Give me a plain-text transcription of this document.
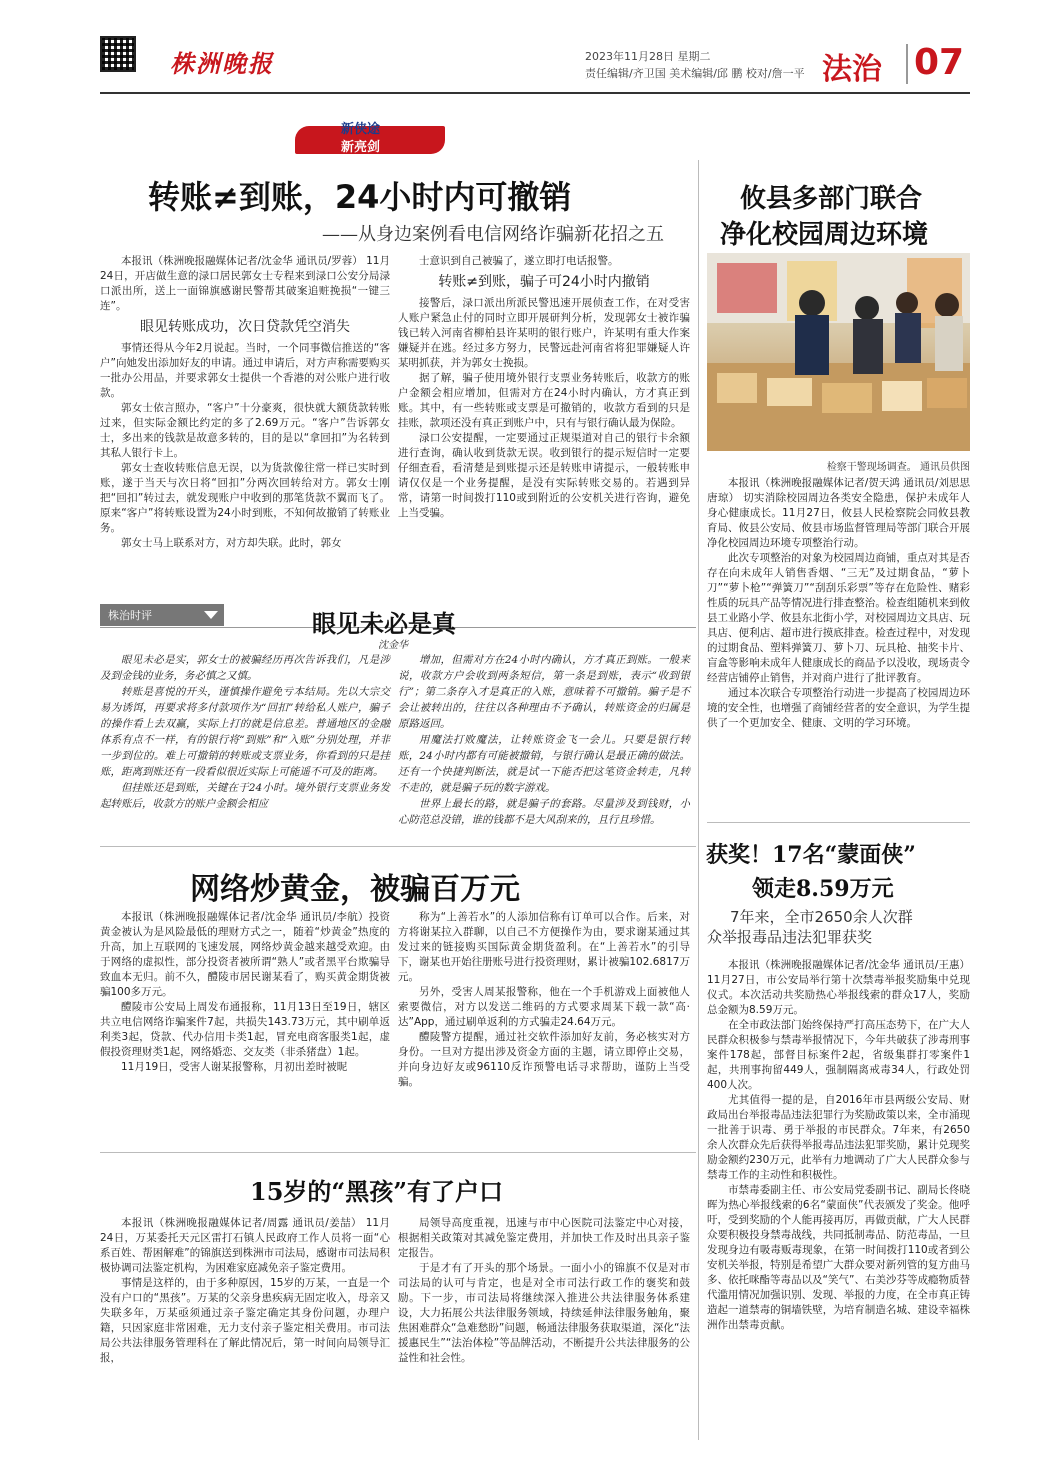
株洲晚报	2023年11月28日 星期二
责任编辑/齐卫国 美术编辑/邱 鹏 校对/詹一平 法治 07
新侠途
新亮剑
转账≠到账，24小时内可撤销
——从身边案例看电信网络诈骗新花招之五

本报讯（株洲晚报融媒体记者/沈金华 通讯员/罗蓉） 11月24日，开店做生意的渌口居民郭女士专程来到渌口公安分局渌口派出所，送上一面锦旗感谢民警帮其破案追赃挽损“一键三连”。

眼见转账成功，次日贷款凭空消失

事情还得从今年2月说起。当时，一个同事微信推送的“客户”向她发出添加好友的申请。通过申请后，对方声称需要购买一批办公用品，并要求郭女士提供一个香港的对公账户进行收款。

郭女士依言照办，“客户”十分豪爽，很快就大额货款转账过来，但实际金额比约定的多了2.69万元。“客户”告诉郭女士，多出来的钱款是故意多转的，目的是以“拿回扣”为名转到其私人银行卡上。

郭女士查收转账信息无误，以为货款像往常一样已实时到账，遂于当天与次日将“回扣”分两次回转给对方。郭女士刚把“回扣”转过去，就发现账户中收到的那笔货款不翼而飞了。原来“客户”将转账设置为24小时到账，不知何故撤销了转账业务。

郭女士马上联系对方，对方却失联。此时，郭女

士意识到自己被骗了，遂立即打电话报警。

转账≠到账，骗子可24小时内撤销

接警后，渌口派出所派民警迅速开展侦查工作，在对受害人账户紧急止付的同时立即开展研判分析，发现郭女士被诈骗钱已转入河南省柳柏县许某明的银行账户，许某明有重大作案嫌疑并在逃。经过多方努力，民警远赴河南省将犯罪嫌疑人许某明抓获，并为郭女士挽损。

据了解，骗子使用境外银行支票业务转账后，收款方的账户金额会相应增加，但需对方在24小时内确认，方才真正到账。其中，有一些转账或支票是可撤销的，收款方看到的只是挂账，款项还没有真正到账户中，只有与银行确认最为保险。

渌口公安提醒，一定要通过正规渠道对自己的银行卡余额进行查询，确认收到货款无误。收到银行的提示短信时一定要仔细查看，看清楚是到账提示还是转账申请提示，一般转账申请仅仅是一个业务提醒，是没有实际转账交易的。若遇到异常，请第一时间拨打110或到附近的公安机关进行咨询，避免上当受骗。

攸县多部门联合
净化校园周边环境
检察干警现场调查。 通讯员供图

本报讯（株洲晚报融媒体记者/贺天鸿 通讯员/刘思思 唐琼） 切实消除校园周边各类安全隐患，保护未成年人身心健康成长。11月27日，攸县人民检察院会同攸县教育局、攸县公安局、攸县市场监督管理局等部门联合开展净化校园周边环境专项整治行动。

此次专项整治的对象为校园周边商铺，重点对其是否存在向未成年人销售香烟、“三无”及过期食品，“萝卜刀”“萝卜枪”“弹簧刀”“刮刮乐彩票”等存在危险性、赌彩性质的玩具产品等情况进行排查整治。检查组随机来到攸县工业路小学、攸县东北街小学，对校园周边文具店、玩具店、便利店、超市进行摸底排查。检查过程中，对发现的过期食品、塑料弹簧刀、萝卜刀、玩具枪、抽奖卡片、盲盒等影响未成年人健康成长的商品予以没收，现场责令经营店铺停止销售，并对商户进行了批评教育。

通过本次联合专项整治行动进一步提高了校园周边环境的安全性，也增强了商铺经营者的安全意识，为学生提供了一个更加安全、健康、文明的学习环境。

株治时评	眼见未必是真
沈金华

眼见未必是实，郭女士的被骗经历再次告诉我们，凡是涉及到金钱的业务，务必慎之又慎。

转账是喜悦的开头，谨慎操作避免亏本结局。先以大宗交易为诱饵，再要求将多付款项作为“回扣”转给私人账户，骗子的操作看上去双赢，实际上打的就是信息差。普通地区的金融体系有点不一样，有的银行将“到账”和“入账”分别处理，并非一步到位的。难上可撤销的转账或支票业务，你看到的只是挂账，距离到账还有一段看似很近实际上可能遥不可及的距离。

但挂账还是到账，关键在于24小时。境外银行支票业务发起转账后，收款方的账户金额会相应

增加，但需对方在24小时内确认，方才真正到账。一般来说，收款方户会收到两条短信，第一条是到账，表示“收到银行”；第二条存入才是真正的入账，意味着不可撤销。骗子是不会让被转出的，往往以各种理由不予确认，转账资金的归属是原路返回。

用魔法打败魔法，让转账资金飞一会儿。只要是银行转账，24小时内都有可能被撤销，与银行确认是最正确的做法。还有一个快捷判断法，就是试一下能否把这笔资金转走，凡转不走的，就是骗子玩的数字游戏。

世界上最长的路，就是骗子的套路。尽量涉及到钱财，小心防范总没错，谁的钱都不是大风刮来的，且行且珍惜。

网络炒黄金，被骗百万元

本报讯（株洲晚报融媒体记者/沈金华 通讯员/李航）投资黄金被认为是风险最低的理财方式之一，随着“炒黄金”热度的升高，加上互联网的飞速发展，网络炒黄金越来越受欢迎。由于网络的虚拟性，部分投资者被所谓“熟人”或者黑平台欺骗导致血本无归。前不久，醴陵市居民谢某看了，购买黄金期货被骗100多万元。

醴陵市公安局上周发布通报称，11月13日至19日，辖区共立电信网络诈骗案件7起，共损失143.73万元，其中刷单返利类3起，贷款、代办信用卡类1起，冒充电商客服类1起，虚假投资理财类1起，网络婚恋、交友类（非杀猪盘）1起。

11月19日，受害人谢某报警称，月初出差时被昵

称为“上善若水”的人添加信称有订单可以合作。后来，对方将谢某拉入群聊，以自己不方便操作为由，要求谢某通过其发过来的链接购买国际黄金期货盈利。在“上善若水”的引导下，谢某也开始往册账号进行投资理财，累计被骗102.6817万元。

另外，受害人周某报警称，他在一个手机游戏上面被他人索要微信，对方以发送二维码的方式要求周某下载一款“高·达”App，通过刷单返利的方式骗走24.64万元。

醴陵警方提醒，通过社交软件添加好友前，务必核实对方身份。一旦对方提出涉及资金方面的主题，请立即停止交易，并向身边好友或96110反诈预警电话寻求帮助，谨防上当受骗。

获奖！17名“蒙面侠”
领走8.59万元
7年来，全市2650余人次群
众举报毒品违法犯罪获奖

本报讯（株洲晚报融媒体记者/沈金华 通讯员/王惠） 11月27日，市公安局举行第十次禁毒举报奖励集中兑现仪式。本次活动共奖励热心举报线索的群众17人，奖励总金额为8.59万元。

在全市政法部门始终保持严打高压态势下，在广大人民群众积极参与禁毒举报情况下，今年共破获了涉毒刑事案件178起，部督目标案件2起，省级集群打零案件1起，共刑事拘留449人，强制隔离戒毒34人，行政处罚400人次。

尤其值得一提的是，自2016年市县两级公安局、财政局出台举报毒品违法犯罪行为奖励政策以来，全市涌现一批善于识毒、勇于举报的市民群众。7年来，有2650余人次群众先后获得举报毒品违法犯罪奖励，累计兑现奖励金额约230万元，此举有力地调动了广大人民群众参与禁毒工作的主动性和积极性。

市禁毒委副主任、市公安局党委副书记、副局长佟晓晖为热心举报线索的6名“蒙面侠”代表颁发了奖金。他呼吁，受到奖励的个人能再接再厉，再做贡献，广大人民群众要积极投身禁毒战线，共同抵制毒品、防范毒品，一旦发现身边有吸毒贩毒现象，在第一时间拨打110或者到公安机关举报，特别是希望广大群众要对新列管的复方曲马多、依托咪酯等毒品以及“笑气”、右美沙芬等成瘾物质替代滥用情况加强识别、发现、举报的力度，在全市真正铸造起一道禁毒的铜墙铁壁，为培育制造名城、建设幸福株洲作出禁毒贡献。

15岁的“黑孩”有了户口

本报讯（株洲晚报融媒体记者/周露 通讯员/姜喆） 11月24日，万某委托天元区雷打石镇人民政府工作人员将一面“心系百姓、帮困解难”的锦旗送到株洲市司法局，感谢市司法局积极协调司法鉴定机构，为困难家庭减免亲子鉴定费用。

事情是这样的，由于多种原因，15岁的万某，一直是一个没有户口的“黑孩”。万某的父亲身患疾病无固定收入，母亲又失联多年，万某亟须通过亲子鉴定确定其身份问题，办理户籍，只因家庭非常困难，无力支付亲子鉴定相关费用。市司法局公共法律服务管理科在了解此情况后，第一时间向局领导汇报，

局领导高度重视，迅速与市中心医院司法鉴定中心对接，根据相关政策对其减免鉴定费用，并加快工作及时出具亲子鉴定报告。

于是才有了开头的那个场景。一面小小的锦旗不仅是对市司法局的认可与肯定，也是对全市司法行政工作的褒奖和鼓励。下一步，市司法局将继续深入推进公共法律服务体系建设，大力拓展公共法律服务领域，持续延伸法律服务触角，聚焦困难群众“急难愁盼”问题，畅通法律服务获取渠道，深化“法援惠民生”“法治体检”等品牌活动，不断提升公共法律服务的公益性和社会性。
